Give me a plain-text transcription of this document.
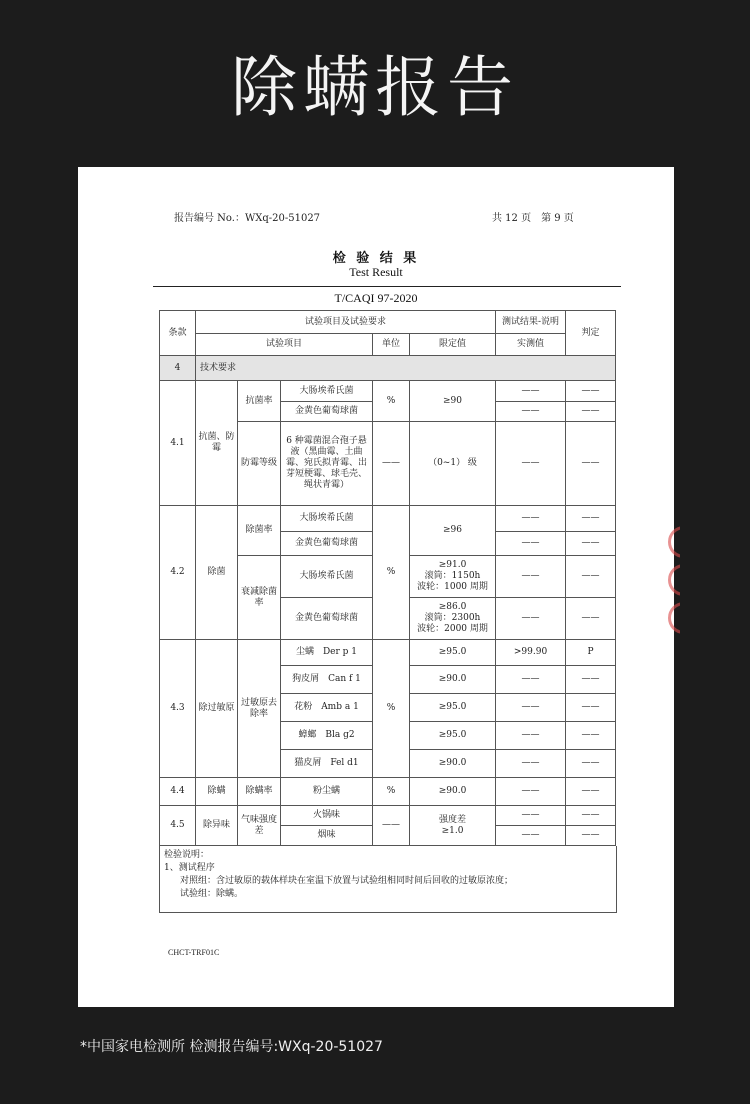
除螨报告
报告编号 No.：WXq-20-51027	共 12 页　第 9 页
检 验 结 果
Test Result
T/CAQI 97-2020
条款	试验项目及试验要求					测试结果-说明	判定
	试验项目			单位	限定值	实测值	
4	技术要求						
4.1	抗菌、防霉	抗菌率	大肠埃希氏菌	%	≥90	——	——
			金黄色葡萄球菌			——	——
		防霉等级	6 种霉菌混合孢子悬液（黑曲霉、土曲霉、宛氏拟青霉、出芽短梗霉、球毛壳、绳状青霉）	——	（0~1） 级	——	——
4.2	除菌	除菌率	大肠埃希氏菌	%	≥96	——	——
			金黄色葡萄球菌			——	——
		衰减除菌率	大肠埃希氏菌		≥91.0
滚筒：1150h
波轮：1000 周期	——	——
			金黄色葡萄球菌		≥86.0
滚筒：2300h
波轮：2000 周期	——	——
4.3	除过敏原	过敏原去除率	尘螨　Der p 1	%	≥95.0	>99.90	P
			狗皮屑　Can f 1		≥90.0	——	——
			花粉　Amb a 1		≥95.0	——	——
			蟑螂　Bla g2		≥95.0	——	——
			猫皮屑　Fel d1		≥90.0	——	——
4.4	除螨	除螨率	粉尘螨	%	≥90.0	——	——
4.5	除异味	气味强度差	火锅味	——	强度差
≥1.0	——	——
			烟味			——	——
检验说明：
1、测试程序
对照组：含过敏原的载体样块在室温下放置与试验组相同时间后回收的过敏原浓度；
试验组：除螨。
CHCT-TRF01C
*中国家电检测所 检测报告编号:WXq-20-51027
